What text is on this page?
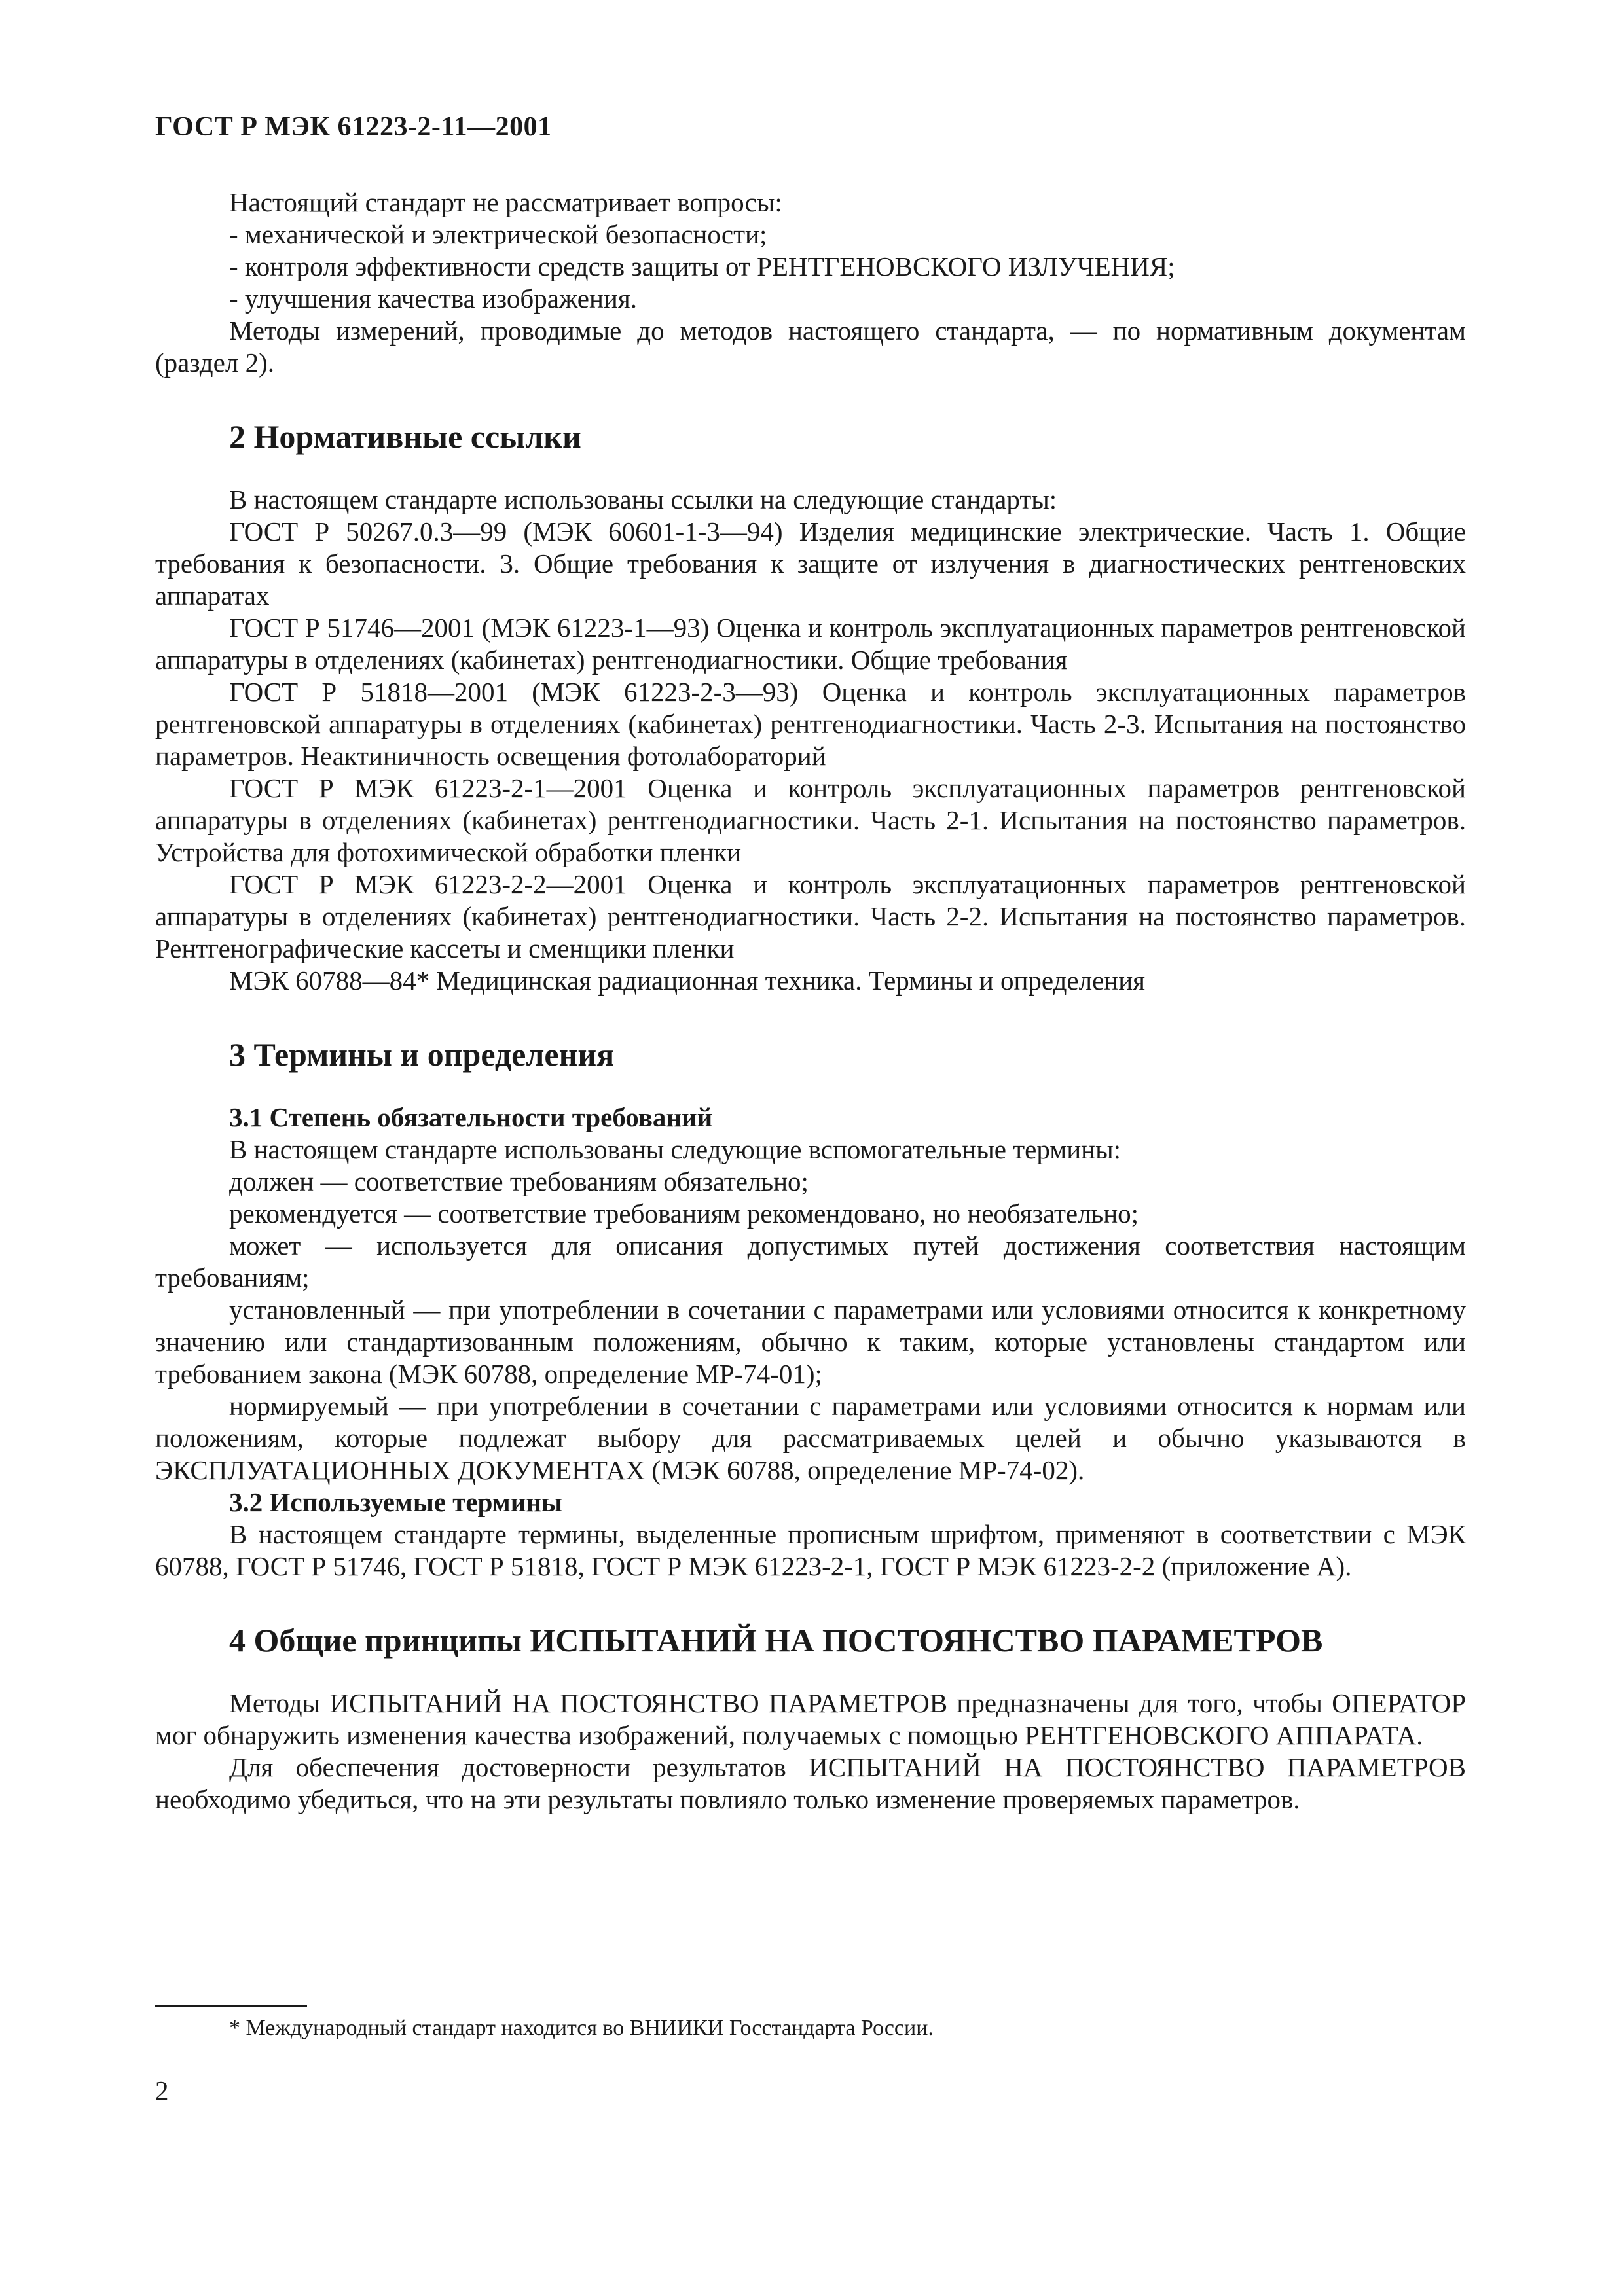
ГОСТ Р МЭК 61223-2-11—2001

Настоящий стандарт не рассматривает вопросы:

- механической и электрической безопасности;

- контроля эффективности средств защиты от РЕНТГЕНОВСКОГО ИЗЛУЧЕНИЯ;

- улучшения качества изображения.

Методы измерений, проводимые до методов настоящего стандарта, — по нормативным документам (раздел 2).

2 Нормативные ссылки

В настоящем стандарте использованы ссылки на следующие стандарты:

ГОСТ Р 50267.0.3—99 (МЭК 60601-1-3—94) Изделия медицинские электрические. Часть 1. Общие требования к безопасности. 3. Общие требования к защите от излучения в диагностических рентгеновских аппаратах

ГОСТ Р 51746—2001 (МЭК 61223-1—93) Оценка и контроль эксплуатационных параметров рентгеновской аппаратуры в отделениях (кабинетах) рентгенодиагностики. Общие требования

ГОСТ Р 51818—2001 (МЭК 61223-2-3—93) Оценка и контроль эксплуатационных параметров рентгеновской аппаратуры в отделениях (кабинетах) рентгенодиагностики. Часть 2-3. Испытания на постоянство параметров. Неактиничность освещения фотолабораторий

ГОСТ Р МЭК 61223-2-1—2001 Оценка и контроль эксплуатационных параметров рентгеновской аппаратуры в отделениях (кабинетах) рентгенодиагностики. Часть 2-1. Испытания на постоянство параметров. Устройства для фотохимической обработки пленки

ГОСТ Р МЭК 61223-2-2—2001 Оценка и контроль эксплуатационных параметров рентгеновской аппаратуры в отделениях (кабинетах) рентгенодиагностики. Часть 2-2. Испытания на постоянство параметров. Рентгенографические кассеты и сменщики пленки

МЭК 60788—84* Медицинская радиационная техника. Термины и определения

3 Термины и определения

3.1 Степень обязательности требований

В настоящем стандарте использованы следующие вспомогательные термины:

должен — соответствие требованиям обязательно;

рекомендуется — соответствие требованиям рекомендовано, но необязательно;

может — используется для описания допустимых путей достижения соответствия настоящим требованиям;

установленный — при употреблении в сочетании с параметрами или условиями относится к конкретному значению или стандартизованным положениям, обычно к таким, которые установлены стандартом или требованием закона (МЭК 60788, определение МР-74-01);

нормируемый — при употреблении в сочетании с параметрами или условиями относится к нормам или положениям, которые подлежат выбору для рассматриваемых целей и обычно указываются в ЭКСПЛУАТАЦИОННЫХ ДОКУМЕНТАХ (МЭК 60788, определение МР-74-02).

3.2 Используемые термины

В настоящем стандарте термины, выделенные прописным шрифтом, применяют в соответствии с МЭК 60788, ГОСТ Р 51746, ГОСТ Р 51818, ГОСТ Р МЭК 61223-2-1, ГОСТ Р МЭК 61223-2-2 (приложение А).

4 Общие принципы ИСПЫТАНИЙ НА ПОСТОЯНСТВО ПАРАМЕТРОВ

Методы ИСПЫТАНИЙ НА ПОСТОЯНСТВО ПАРАМЕТРОВ предназначены для того, чтобы ОПЕРАТОР мог обнаружить изменения качества изображений, получаемых с помощью РЕНТГЕНОВСКОГО АППАРАТА.

Для обеспечения достоверности результатов ИСПЫТАНИЙ НА ПОСТОЯНСТВО ПАРАМЕТРОВ необходимо убедиться, что на эти результаты повлияло только изменение проверяемых параметров.

* Международный стандарт находится во ВНИИКИ Госстандарта России.
2
